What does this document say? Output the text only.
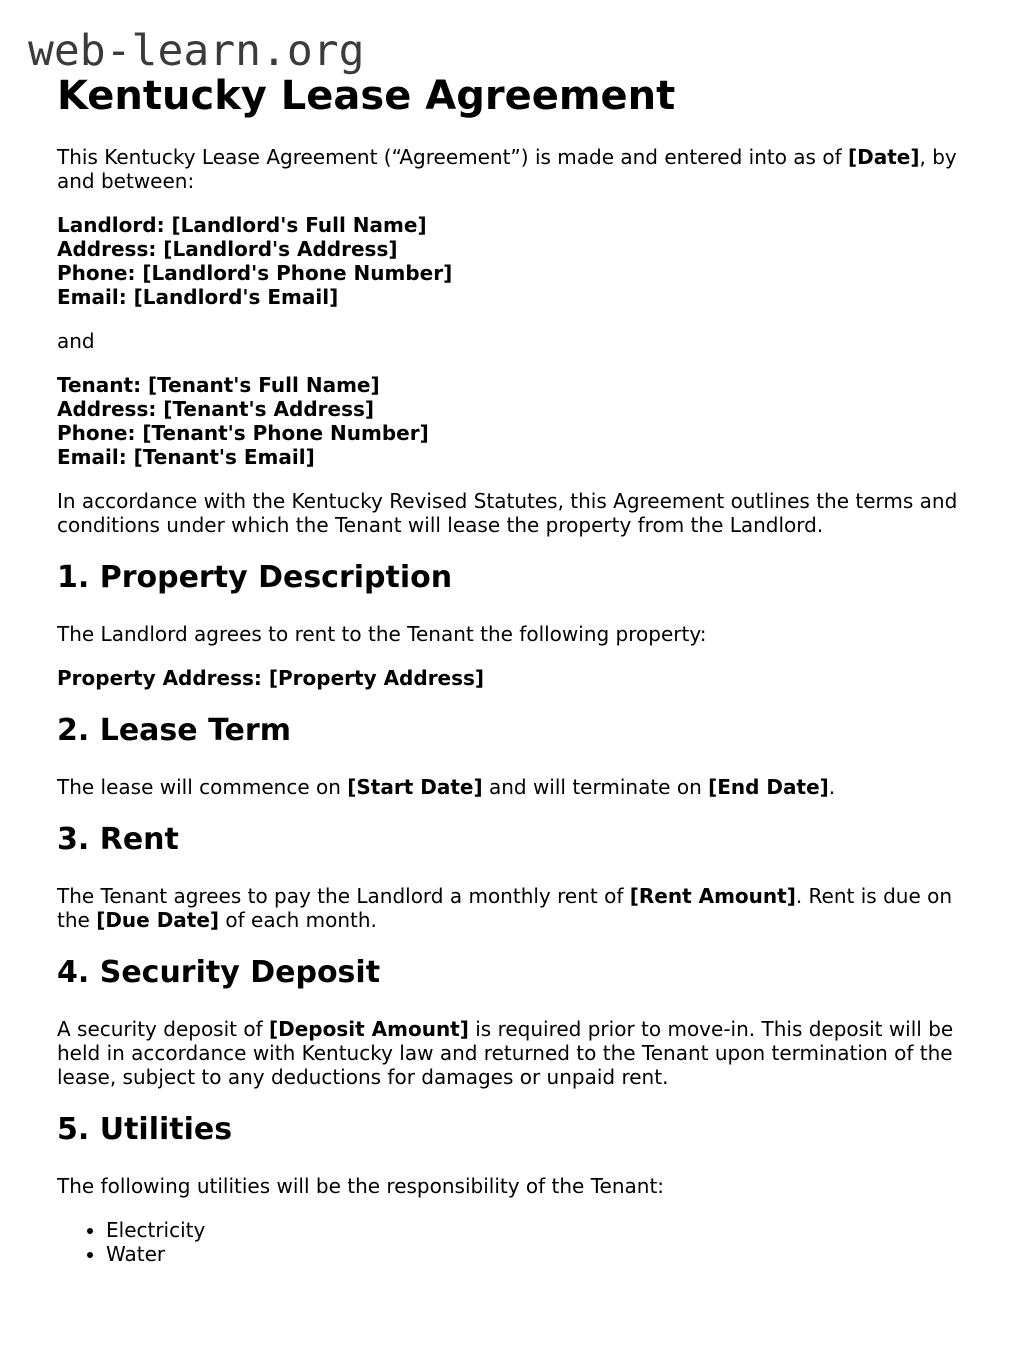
web-learn.org
Kentucky Lease Agreement

This Kentucky Lease Agreement (“Agreement”) is made and entered into as of [Date], by and between:

Landlord: [Landlord's Full Name]
Address: [Landlord's Address]
Phone: [Landlord's Phone Number]
Email: [Landlord's Email]

and

Tenant: [Tenant's Full Name]
Address: [Tenant's Address]
Phone: [Tenant's Phone Number]
Email: [Tenant's Email]

In accordance with the Kentucky Revised Statutes, this Agreement outlines the terms and conditions under which the Tenant will lease the property from the Landlord.

1. Property Description

The Landlord agrees to rent to the Tenant the following property:

Property Address: [Property Address]

2. Lease Term

The lease will commence on [Start Date] and will terminate on [End Date].

3. Rent

The Tenant agrees to pay the Landlord a monthly rent of [Rent Amount]. Rent is due on the [Due Date] of each month.

4. Security Deposit

A security deposit of [Deposit Amount] is required prior to move-in. This deposit will be held in accordance with Kentucky law and returned to the Tenant upon termination of the lease, subject to any deductions for damages or unpaid rent.

5. Utilities

The following utilities will be the responsibility of the Tenant:

• Electricity
• Water
